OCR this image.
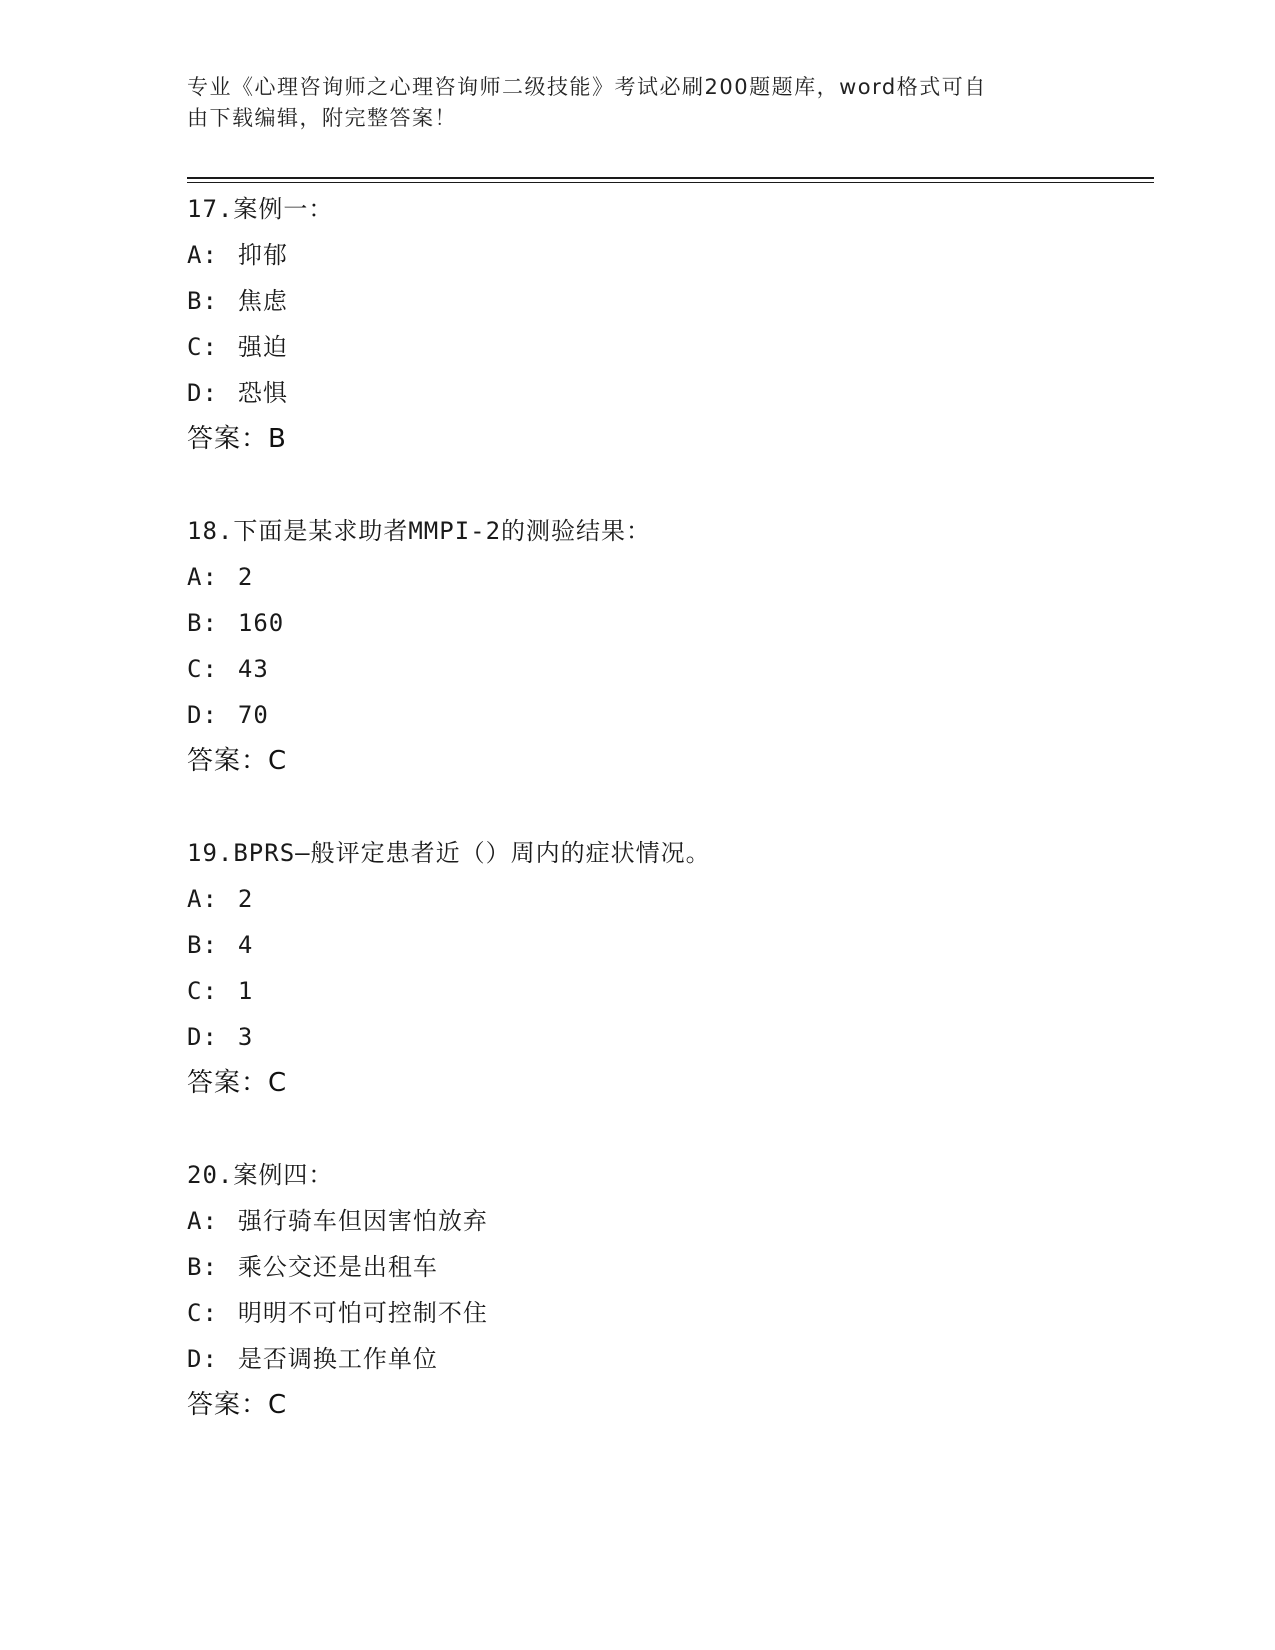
专业《心理咨询师之心理咨询师二级技能》考试必刷200题题库，word格式可自
由下载编辑，附完整答案！
17.案例一：
A: 抑郁
B: 焦虑
C: 强迫
D: 恐惧
答案：B
18.下面是某求助者MMPI-2的测验结果：
A: 2
B: 160
C: 43
D: 70
答案：C
19.BPRS—般评定患者近（）周内的症状情况。
A: 2
B: 4
C: 1
D: 3
答案：C
20.案例四：
A: 强行骑车但因害怕放弃
B: 乘公交还是出租车
C: 明明不可怕可控制不住
D: 是否调换工作单位
答案：C
